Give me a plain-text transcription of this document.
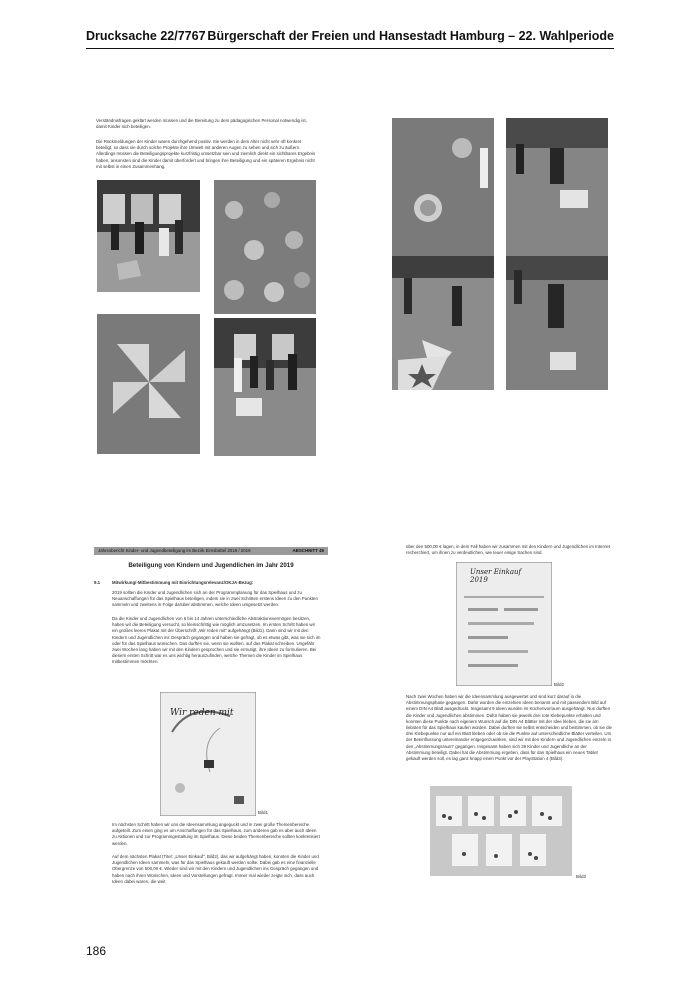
Drucksache 22/7767 Bürgerschaft der Freien und Hansestadt Hamburg – 22. Wahlperiode
Verständnisfragen geklärt werden müssen und die Bereitung zu dem pädagogischen Personal notwendig ist, damit Kinder sich beteiligen.
Die Rückmeldungen der Kinder waren durchgehend positiv. Sie werden in dem Alter nicht sehr oft konkret beteiligt, so dass sie durch solche Projekte ihre Umwelt mit anderen Augen zu sehen und sich zu äußern. Allerdings müssen die Beteiligungsprojekte kurzfristig umsetzbar sein und ziemlich direkt ein sichtbares Ergebnis haben, ansonsten sind die Kinder damit überfordert und bringen ihre Beteiligung und ein späteren Ergebnis nicht mit selbst in einen Zusammenhang.
Jahresbericht Kinder- und Jugendbeteiligung im Bezirk Eimsbüttel 2018 / 2019	ABSCHNITT 49
Beteiligung von Kindern und Jugendlichen im Jahr 2019
9.1	Mitwirkung/-Mitbestimmung mit Einrichtungsrelevanz/OKJA-Bezug:
2019 sollten die Kinder und Jugendlichen sich an der Programmplanung für das Spielhaus und zu Neuanschaffungen für das Spielhaus beteiligen, indem sie in zwei Schritten erstens Ideen zu den Punkten sammeln und zweitens in Folge darüber abstimmen, welche Ideen umgesetzt werden.
Da die Kinder und Jugendlichen von 6 bis 14 Jahren unterschiedliche Abstraktionsvermögen besitzen, haben wir die Beteiligung versucht, so kleinschrittig wie möglich umzusetzen. Im ersten Schritt haben wir ein großes leeres Plakat mit der Überschrift „Wir reden mit“ aufgehängt (Bild1). Dann sind wir mit den Kindern und Jugendlichen ins Gespräch gegangen und haben sie gefragt, ob es etwas gibt, was sie sich im oder für das Spielhaus wünschen. Das durften sie, wenn sie wollten, auf das Plakat schreiben. Ungefähr zwei Wochen lang haben wir mit den Kindern gesprochen und sie ermutigt, ihre Ideen zu formulieren. Bei diesem ersten Schritt war es uns wichtig herauszufinden, welche Themen die Kinder im Spielhaus mitbestimmen möchten.
Wir reden mit
Bild1
Im nächsten Schritt haben wir uns die Ideensammlung angeguckt und in zwei große Themenbereiche aufgeteilt. Zum einen ging es um Anschaffungen für das Spielhaus, zum anderen gab es aber auch Ideen zu Aktionen und zur Programmgestaltung im Spielhaus. Diese beiden Themenbereiche sollten konkretisiert werden.
Auf dem nächsten Plakat (Titel: „Unser Einkauf“, Bild2), das wir aufgehängt haben, konnten die Kinder und Jugendlichen Ideen sammeln, was für das Spielhaus gekauft werden sollte. Dabei gab es eine finanzielle Obergrenze von 500,00 €. Wieder sind wir mit den Kindern und Jugendlichen ins Gespräch gegangen und haben nach ihren Wünschen, Ideen und Vorstellungen gefragt. Immer mal wieder zeigte sich, dass auch Ideen dabei waren, die weit
über den 500,00 € lagen, in dem Fall haben wir zusammen mit den Kindern und Jugendlichen im Internet recherchiert, um ihnen zu verdeutlichen, wie teuer einige Sachen sind.
Unser Einkauf 2019
Bild2
Nach zwei Wochen haben wir die Ideensammlung ausgewertet und sind kurz darauf in die Abstimmungsphase gegangen. Dafür wurden die einzelnen Ideen benannt und mit passendem Bild auf einem DIN A4 Blatt ausgedruckt. Insgesamt 9 Ideen wurden im Küchenvorraum ausgehängt. Nun durften die Kinder und Jugendlichen abstimmen. Dafür haben sie jeweils drei rote Klebepunkte erhalten und konnten diese Punkte nach eigenem Wunsch auf die DIN A4 Blätter mit der Idee kleben, die sie am liebsten für das Spielhaus kaufen würden. Dabei durften sie selbst entscheiden und bestimmen, ob sie die drei Klebepunkte nur auf ein Blatt kleben oder ob sie die Punkte auf unterschiedliche Blätter verteilen. Um der Beeinflussung untereinander entgegenzuwirken, sind wir mit den Kindern und Jugendlichen einzeln in den „Abstimmungsraum“ gegangen. Insgesamt haben sich 29 Kinder und Jugendliche an der Abstimmung beteiligt. Dabei hat die Abstimmung ergeben, dass für das Spielhaus ein neues Tablet gekauft werden soll, es lag ganz knapp einen Punkt vor der PlayStation 4 (Bild3).
Bild3
186
